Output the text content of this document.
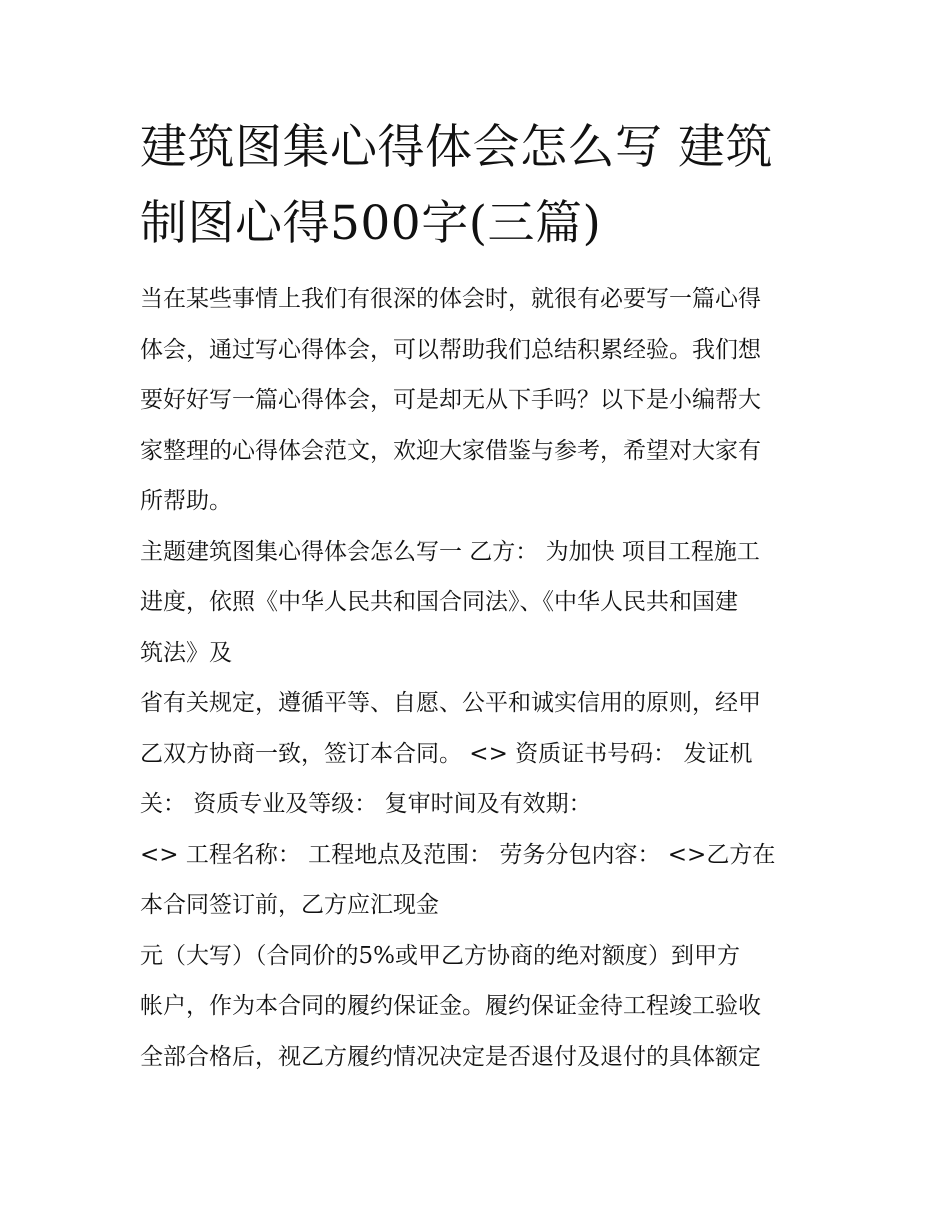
建筑图集心得体会怎么写 建筑
制图心得500字(三篇)

当在某些事情上我们有很深的体会时，就很有必要写一篇心得

体会，通过写心得体会，可以帮助我们总结积累经验。我们想

要好好写一篇心得体会，可是却无从下手吗？以下是小编帮大

家整理的心得体会范文，欢迎大家借鉴与参考，希望对大家有

所帮助。

主题建筑图集心得体会怎么写一 乙方： 为加快 项目工程施工

进度，依照《中华人民共和国合同法》、《中华人民共和国建

筑法》及

省有关规定，遵循平等、自愿、公平和诚实信用的原则，经甲

乙双方协商一致，签订本合同。 <> 资质证书号码： 发证机

关： 资质专业及等级： 复审时间及有效期：

<> 工程名称： 工程地点及范围： 劳务分包内容： <>乙方在

本合同签订前，乙方应汇现金

元（大写）（合同价的5%或甲乙方协商的绝对额度）到甲方

帐户，作为本合同的履约保证金。履约保证金待工程竣工验收

全部合格后，视乙方履约情况决定是否退付及退付的具体额定
